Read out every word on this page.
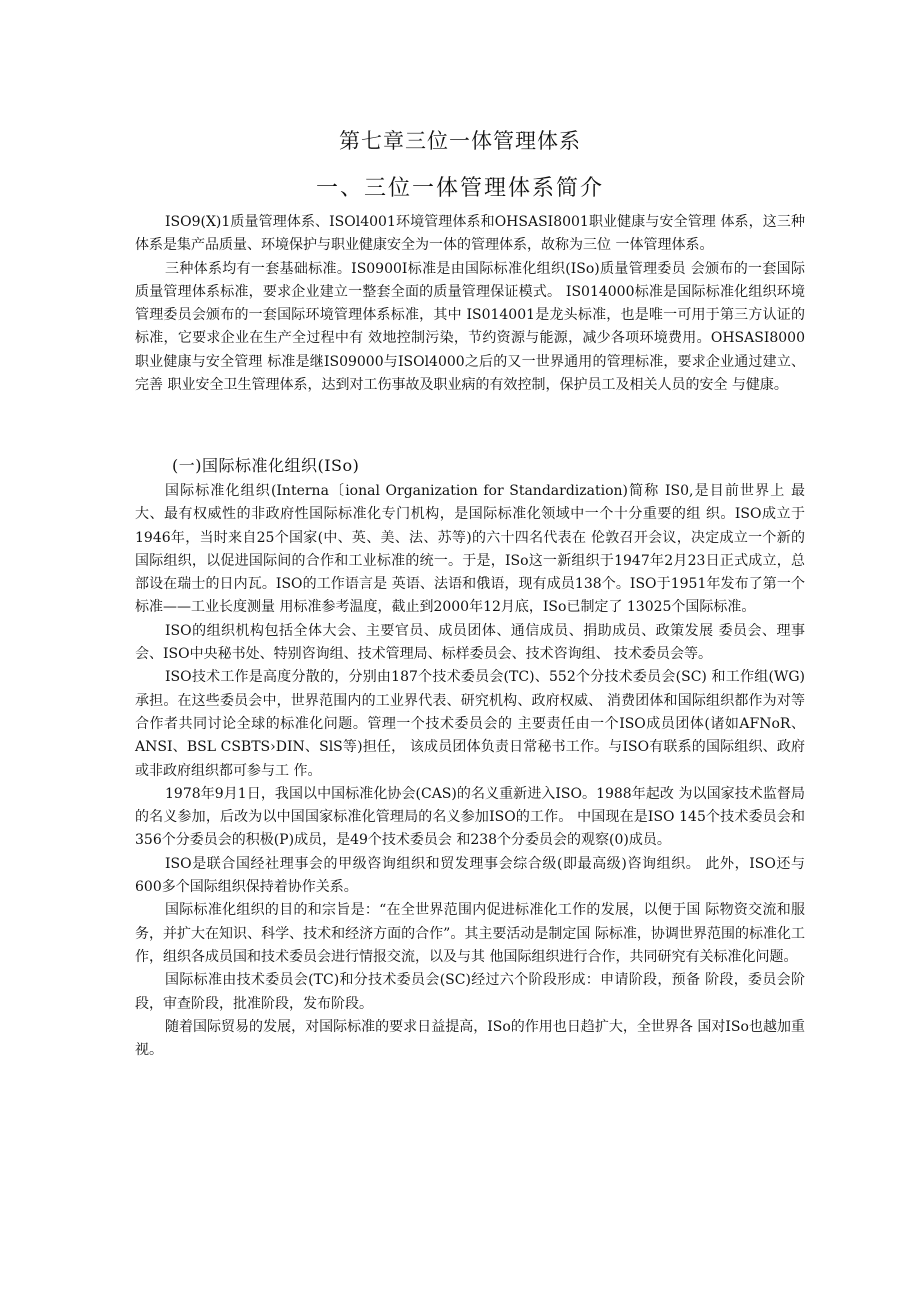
第七章三位一体管理体系
一、三位一体管理体系简介

ISO9(X)1质量管理体系、ISOl4001环境管理体系和OHSASI8001职业健康与安全管理 体系，这三种体系是集产品质量、环境保护与职业健康安全为一体的管理体系，故称为三位 一体管理体系。

三种体系均有一套基础标准。IS0900I标准是由国际标准化组织(ISo)质量管理委员 会颁布的一套国际质量管理体系标准，要求企业建立一整套全面的质量管理保证模式。 IS014000标准是国际标准化组织环境管理委员会颁布的一套国际环境管理体系标准，其中 IS014001是龙头标准，也是唯一可用于第三方认证的标准，它要求企业在生产全过程中有 效地控制污染，节约资源与能源，减少各项环境费用。OHSASI8000职业健康与安全管理 标准是继IS09000与ISOl4000之后的又一世界通用的管理标准，要求企业通过建立、完善 职业安全卫生管理体系，达到对工伤事故及职业病的有效控制，保护员工及相关人员的安全 与健康。

(一)国际标准化组织(ISo)

国际标准化组织(Interna〔ional Organization for Standardization)简称 IS0,是目前世界上 最大、最有权威性的非政府性国际标准化专门机构，是国际标准化领域中一个十分重要的组 织。ISO成立于1946年，当时来自25个国家(中、英、美、法、苏等)的六十四名代表在 伦敦召开会议，决定成立一个新的国际组织，以促进国际间的合作和工业标准的统一。于是，ISo这一新组织于1947年2月23日正式成立，总部设在瑞士的日内瓦。ISO的工作语言是 英语、法语和俄语，现有成员138个。ISO于1951年发布了第一个标准——工业长度测量 用标准参考温度，截止到2000年12月底，ISo已制定了 13025个国际标准。

ISO的组织机构包括全体大会、主要官员、成员团体、通信成员、捐助成员、政策发展 委员会、理事会、ISO中央秘书处、特别咨询组、技术管理局、标样委员会、技术咨询组、 技术委员会等。

ISO技术工作是高度分散的，分别由187个技术委员会(TC)、552个分技术委员会(SC) 和工作组(WG)承担。在这些委员会中，世界范围内的工业界代表、研究机构、政府权威、 消费团体和国际组织都作为对等合作者共同讨论全球的标准化问题。管理一个技术委员会的 主要责任由一个ISO成员团体(诸如AFNoR、ANSI、BSL CSBTS›DIN、SlS等)担任， 该成员团体负责日常秘书工作。与ISO有联系的国际组织、政府或非政府组织都可参与工 作。

1978年9月1日，我国以中国标准化协会(CAS)的名义重新进入ISO。1988年起改 为以国家技术监督局的名义参加，后改为以中国国家标准化管理局的名义参加ISO的工作。 中国现在是ISO 145个技术委员会和356个分委员会的积极(P)成员，是49个技术委员会 和238个分委员会的观察(0)成员。

ISO是联合国经社理事会的甲级咨询组织和贸发理事会综合级(即最高级)咨询组织。 此外，ISO还与600多个国际组织保持着协作关系。

国际标准化组织的目的和宗旨是：“在全世界范围内促进标准化工作的发展，以便于国 际物资交流和服务，并扩大在知识、科学、技术和经济方面的合作”。其主要活动是制定国 际标准，协调世界范围的标准化工作，组织各成员国和技术委员会进行情报交流，以及与其 他国际组织进行合作，共同研究有关标准化问题。

国际标准由技术委员会(TC)和分技术委员会(SC)经过六个阶段形成：申请阶段，预备 阶段，委员会阶段，审查阶段，批准阶段，发布阶段。

随着国际贸易的发展，对国际标准的要求日益提高，ISo的作用也日趋扩大，全世界各 国对ISo也越加重视。
